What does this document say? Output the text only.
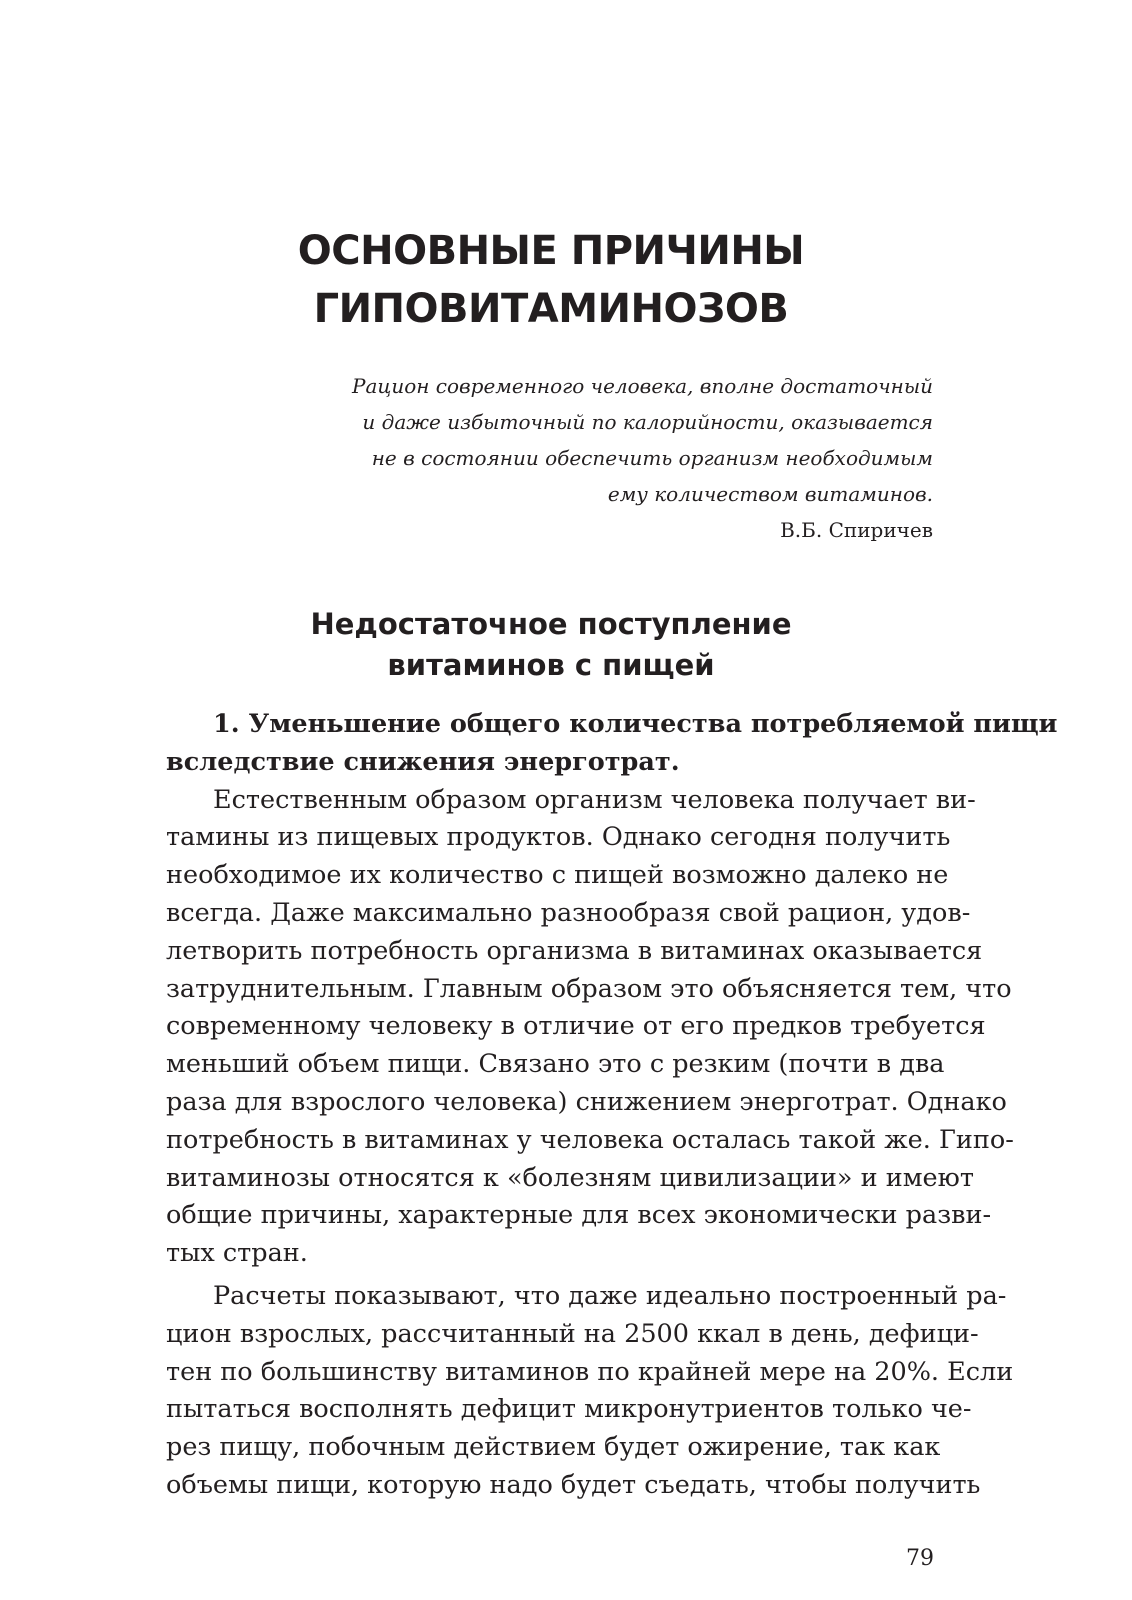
ОСНОВНЫЕ ПРИЧИНЫ
ГИПОВИТАМИНОЗОВ
Рацион современного человека, вполне достаточный
и даже избыточный по калорийности, оказывается
не в состоянии обеспечить организм необходимым
ему количеством витаминов.
В.Б. Спиричев
Недостаточное поступление
витаминов с пищей
1. Уменьшение общего количества потребляемой пищи
вследствие снижения энерготрат.
Естественным образом организм человека получает ви-
тамины из пищевых продуктов. Однако сегодня получить
необходимое их количество с пищей возможно далеко не
всегда. Даже максимально разнообразя свой рацион, удов-
летворить потребность организма в витаминах оказывается
затруднительным. Главным образом это объясняется тем, что
современному человеку в отличие от его предков требуется
меньший объем пищи. Связано это с резким (почти в два
раза для взрослого человека) снижением энерготрат. Однако
потребность в витаминах у человека осталась такой же. Гипо-
витаминозы относятся к «болезням цивилизации» и имеют
общие причины, характерные для всех экономически разви-
тых стран.
Расчеты показывают, что даже идеально построенный ра-
цион взрослых, рассчитанный на 2500 ккал в день, дефици-
тен по большинству витаминов по крайней мере на 20%. Если
пытаться восполнять дефицит микронутриентов только че-
рез пищу, побочным действием будет ожирение, так как
объемы пищи, которую надо будет съедать, чтобы получить
79
